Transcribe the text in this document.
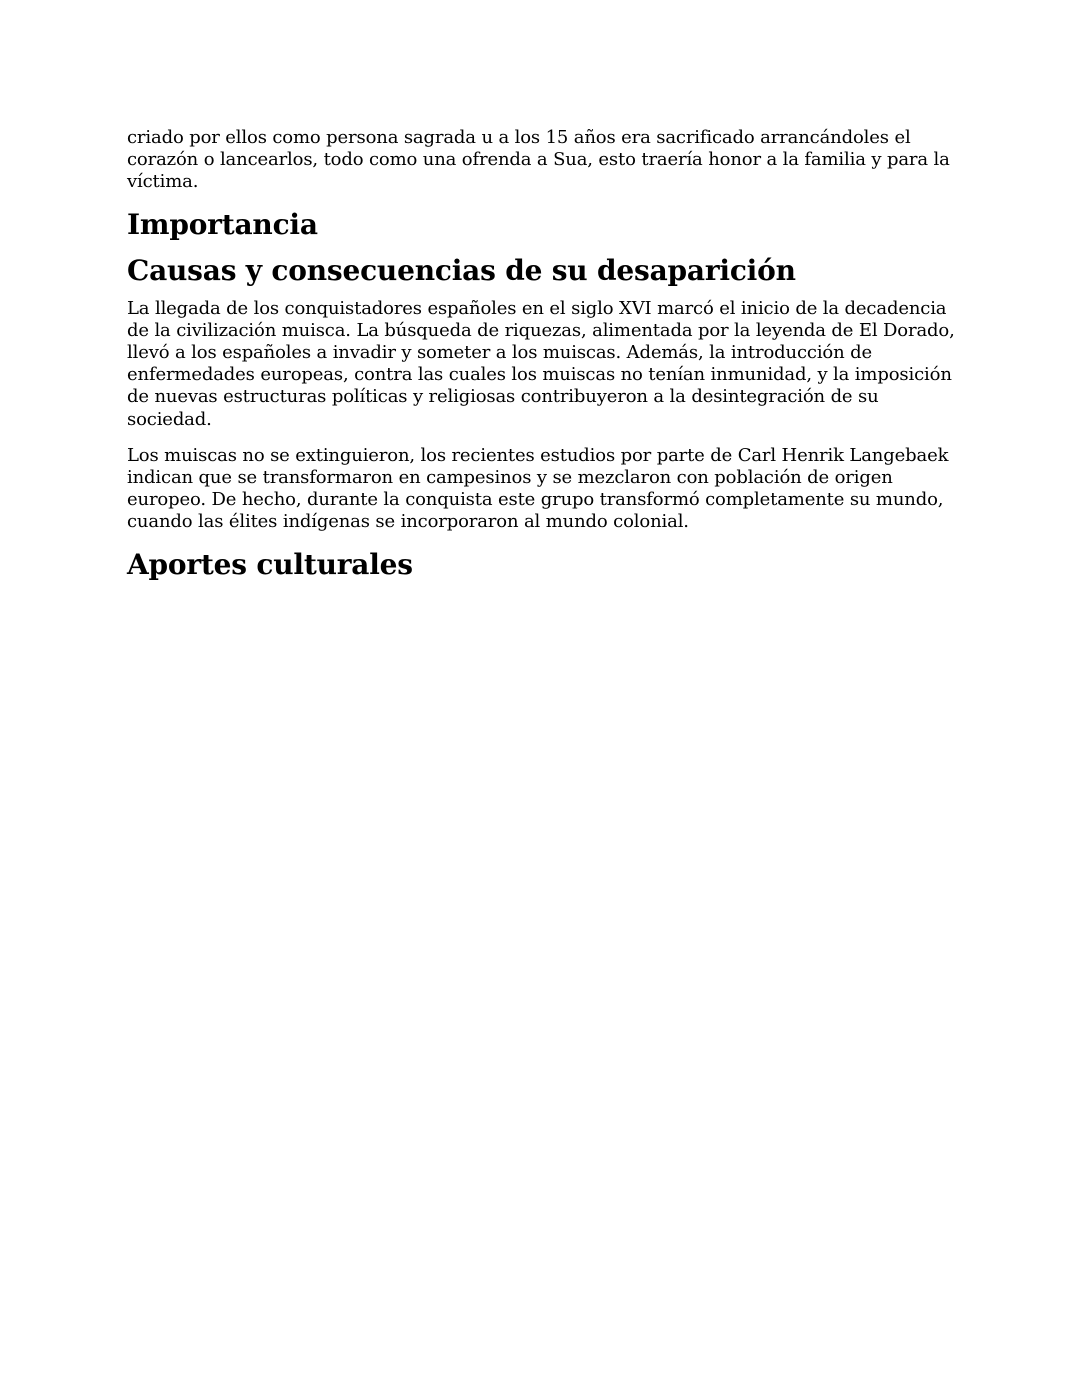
criado por ellos como persona sagrada u a los 15 años era sacrificado arrancándoles el corazón o lancearlos, todo como una ofrenda a Sua, esto traería honor a la familia y para la víctima.

Importancia
Causas y consecuencias de su desaparición

La llegada de los conquistadores españoles en el siglo XVI marcó el inicio de la decadencia de la civilización muisca. La búsqueda de riquezas, alimentada por la leyenda de El Dorado, llevó a los españoles a invadir y someter a los muiscas. Además, la introducción de enfermedades europeas, contra las cuales los muiscas no tenían inmunidad, y la imposición de nuevas estructuras políticas y religiosas contribuyeron a la desintegración de su sociedad.

Los muiscas no se extinguieron, los recientes estudios por parte de Carl Henrik Langebaek indican que se transformaron en campesinos y se mezclaron con población de origen europeo. De hecho, durante la conquista este grupo transformó completamente su mundo, cuando las élites indígenas se incorporaron al mundo colonial.

Aportes culturales
